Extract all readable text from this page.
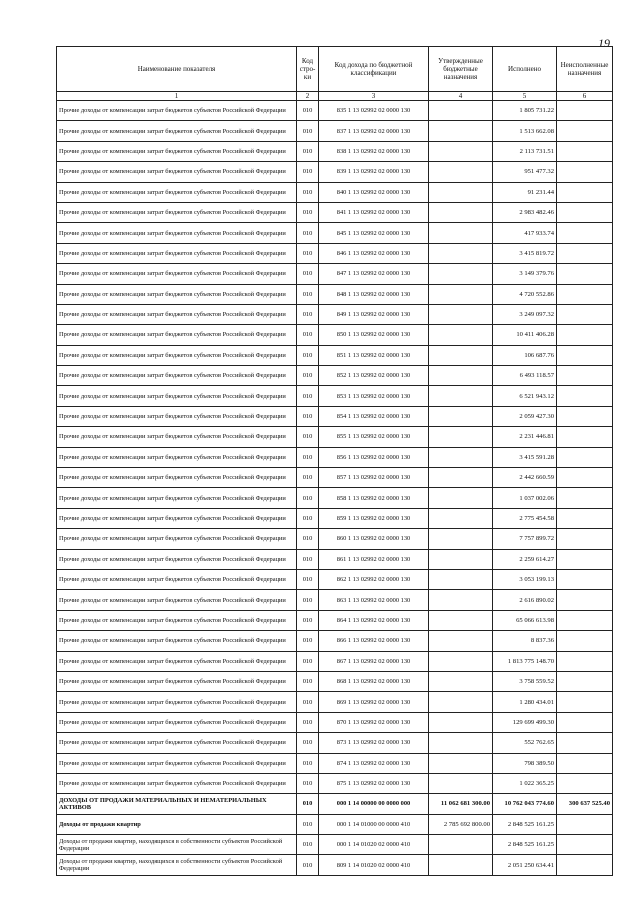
19
Наименование показателя	Код стро-ки	Код дохода по бюджетной классификации	Утвержденные бюджетные назначения	Исполнено	Неисполненные назначения
1	2	3	4	5	6
Прочие доходы от компенсации затрат бюджетов субъектов Российской Федерации	010	835 1 13 02992 02 0000 130		1 805 731.22	
Прочие доходы от компенсации затрат бюджетов субъектов Российской Федерации	010	837 1 13 02992 02 0000 130		1 513 662.08	
Прочие доходы от компенсации затрат бюджетов субъектов Российской Федерации	010	838 1 13 02992 02 0000 130		2 113 731.51	
Прочие доходы от компенсации затрат бюджетов субъектов Российской Федерации	010	839 1 13 02992 02 0000 130		951 477.32	
Прочие доходы от компенсации затрат бюджетов субъектов Российской Федерации	010	840 1 13 02992 02 0000 130		91 231.44	
Прочие доходы от компенсации затрат бюджетов субъектов Российской Федерации	010	841 1 13 02992 02 0000 130		2 983 482.46	
Прочие доходы от компенсации затрат бюджетов субъектов Российской Федерации	010	845 1 13 02992 02 0000 130		417 933.74	
Прочие доходы от компенсации затрат бюджетов субъектов Российской Федерации	010	846 1 13 02992 02 0000 130		3 415 819.72	
Прочие доходы от компенсации затрат бюджетов субъектов Российской Федерации	010	847 1 13 02992 02 0000 130		3 149 379.76	
Прочие доходы от компенсации затрат бюджетов субъектов Российской Федерации	010	848 1 13 02992 02 0000 130		4 720 552.86	
Прочие доходы от компенсации затрат бюджетов субъектов Российской Федерации	010	849 1 13 02992 02 0000 130		3 249 097.32	
Прочие доходы от компенсации затрат бюджетов субъектов Российской Федерации	010	850 1 13 02992 02 0000 130		10 411 406.28	
Прочие доходы от компенсации затрат бюджетов субъектов Российской Федерации	010	851 1 13 02992 02 0000 130		106 687.76	
Прочие доходы от компенсации затрат бюджетов субъектов Российской Федерации	010	852 1 13 02992 02 0000 130		6 493 118.57	
Прочие доходы от компенсации затрат бюджетов субъектов Российской Федерации	010	853 1 13 02992 02 0000 130		6 521 943.12	
Прочие доходы от компенсации затрат бюджетов субъектов Российской Федерации	010	854 1 13 02992 02 0000 130		2 059 427.30	
Прочие доходы от компенсации затрат бюджетов субъектов Российской Федерации	010	855 1 13 02992 02 0000 130		2 231 446.81	
Прочие доходы от компенсации затрат бюджетов субъектов Российской Федерации	010	856 1 13 02992 02 0000 130		3 415 591.28	
Прочие доходы от компенсации затрат бюджетов субъектов Российской Федерации	010	857 1 13 02992 02 0000 130		2 442 660.59	
Прочие доходы от компенсации затрат бюджетов субъектов Российской Федерации	010	858 1 13 02992 02 0000 130		1 037 002.06	
Прочие доходы от компенсации затрат бюджетов субъектов Российской Федерации	010	859 1 13 02992 02 0000 130		2 775 454.58	
Прочие доходы от компенсации затрат бюджетов субъектов Российской Федерации	010	860 1 13 02992 02 0000 130		7 757 899.72	
Прочие доходы от компенсации затрат бюджетов субъектов Российской Федерации	010	861 1 13 02992 02 0000 130		2 259 614.27	
Прочие доходы от компенсации затрат бюджетов субъектов Российской Федерации	010	862 1 13 02992 02 0000 130		3 053 199.13	
Прочие доходы от компенсации затрат бюджетов субъектов Российской Федерации	010	863 1 13 02992 02 0000 130		2 616 890.02	
Прочие доходы от компенсации затрат бюджетов субъектов Российской Федерации	010	864 1 13 02992 02 0000 130		65 066 613.98	
Прочие доходы от компенсации затрат бюджетов субъектов Российской Федерации	010	866 1 13 02992 02 0000 130		8 837.36	
Прочие доходы от компенсации затрат бюджетов субъектов Российской Федерации	010	867 1 13 02992 02 0000 130		1 813 775 148.70	
Прочие доходы от компенсации затрат бюджетов субъектов Российской Федерации	010	868 1 13 02992 02 0000 130		3 758 559.52	
Прочие доходы от компенсации затрат бюджетов субъектов Российской Федерации	010	869 1 13 02992 02 0000 130		1 280 434.01	
Прочие доходы от компенсации затрат бюджетов субъектов Российской Федерации	010	870 1 13 02992 02 0000 130		129 699 499.30	
Прочие доходы от компенсации затрат бюджетов субъектов Российской Федерации	010	873 1 13 02992 02 0000 130		552 762.65	
Прочие доходы от компенсации затрат бюджетов субъектов Российской Федерации	010	874 1 13 02992 02 0000 130		798 389.50	
Прочие доходы от компенсации затрат бюджетов субъектов Российской Федерации	010	875 1 13 02992 02 0000 130		1 022 365.25	
ДОХОДЫ ОТ ПРОДАЖИ МАТЕРИАЛЬНЫХ И НЕМАТЕРИАЛЬНЫХ АКТИВОВ	010	000 1 14 00000 00 0000 000	11 062 681 300.00	10 762 043 774.60	300 637 525.40
Доходы от продажи квартир	010	000 1 14 01000 00 0000 410	2 785 692 800.00	2 848 525 161.25	
Доходы от продажи квартир, находящихся в собственности субъектов Российской Федерации	010	000 1 14 01020 02 0000 410		2 848 525 161.25	
Доходы от продажи квартир, находящихся в собственности субъектов Российской Федерации	010	809 1 14 01020 02 0000 410		2 051 250 634.41	
